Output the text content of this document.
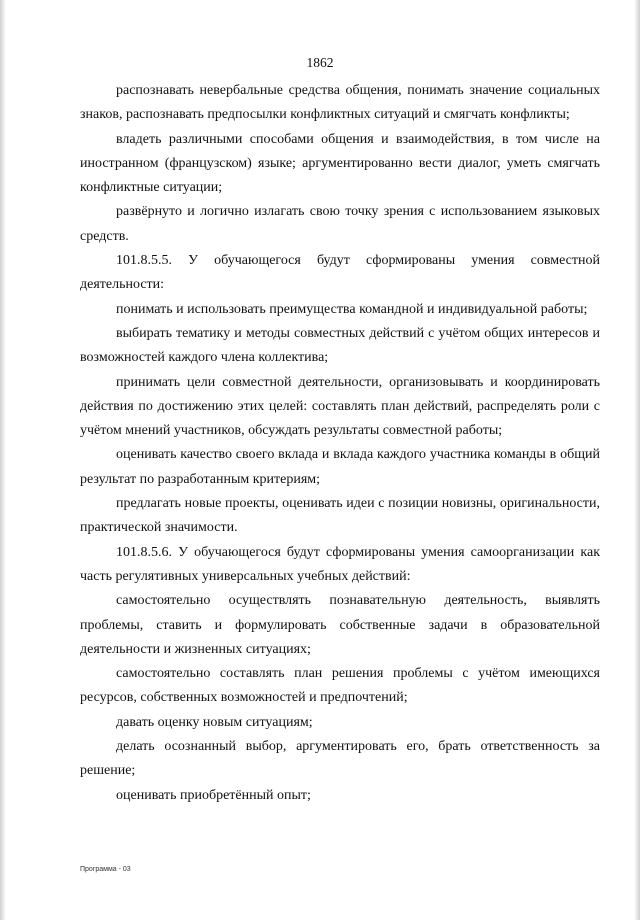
1862

распознавать невербальные средства общения, понимать значение социальных знаков, распознавать предпосылки конфликтных ситуаций и смягчать конфликты;

владеть различными способами общения и взаимодействия, в том числе на иностранном (французском) языке; аргументированно вести диалог, уметь смягчать конфликтные ситуации;

развёрнуто и логично излагать свою точку зрения с использованием языковых средств.

101.8.5.5. У обучающегося будут сформированы умения совместной деятельности:

понимать и использовать преимущества командной и индивидуальной работы;

выбирать тематику и методы совместных действий с учётом общих интересов и возможностей каждого члена коллектива;

принимать цели совместной деятельности, организовывать и координировать действия по достижению этих целей: составлять план действий, распределять роли с учётом мнений участников, обсуждать результаты совместной работы;

оценивать качество своего вклада и вклада каждого участника команды в общий результат по разработанным критериям;

предлагать новые проекты, оценивать идеи с позиции новизны, оригинальности, практической значимости.

101.8.5.6. У обучающегося будут сформированы умения самоорганизации как часть регулятивных универсальных учебных действий:

самостоятельно осуществлять познавательную деятельность, выявлять проблемы, ставить и формулировать собственные задачи в образовательной деятельности и жизненных ситуациях;

самостоятельно составлять план решения проблемы с учётом имеющихся ресурсов, собственных возможностей и предпочтений;

давать оценку новым ситуациям;

делать осознанный выбор, аргументировать его, брать ответственность за решение;

оценивать приобретённый опыт;

Программа - 03
